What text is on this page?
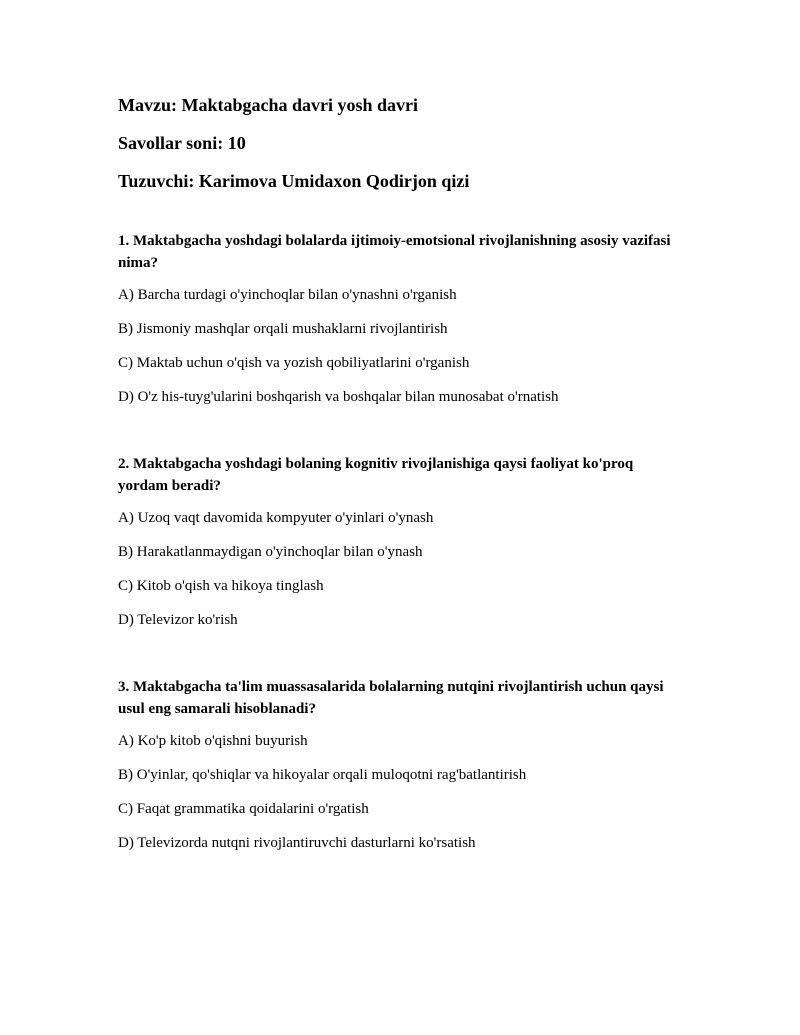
Mavzu: Maktabgacha davri yosh davri
Savollar soni: 10
Tuzuvchi: Karimova Umidaxon Qodirjon qizi
1. Maktabgacha yoshdagi bolalarda ijtimoiy-emotsional rivojlanishning asosiy vazifasi nima?
A) Barcha turdagi o'yinchoqlar bilan o'ynashni o'rganish
B) Jismoniy mashqlar orqali mushaklarni rivojlantirish
C) Maktab uchun o'qish va yozish qobiliyatlarini o'rganish
D) O'z his-tuyg'ularini boshqarish va boshqalar bilan munosabat o'rnatish
2. Maktabgacha yoshdagi bolaning kognitiv rivojlanishiga qaysi faoliyat ko'proq yordam beradi?
A) Uzoq vaqt davomida kompyuter o'yinlari o'ynash
B) Harakatlanmaydigan o'yinchoqlar bilan o'ynash
C) Kitob o'qish va hikoya tinglash
D) Televizor ko'rish
3. Maktabgacha ta'lim muassasalarida bolalarning nutqini rivojlantirish uchun qaysi usul eng samarali hisoblanadi?
A) Ko'p kitob o'qishni buyurish
B) O'yinlar, qo'shiqlar va hikoyalar orqali muloqotni rag'batlantirish
C) Faqat grammatika qoidalarini o'rgatish
D) Televizorda nutqni rivojlantiruvchi dasturlarni ko'rsatish
